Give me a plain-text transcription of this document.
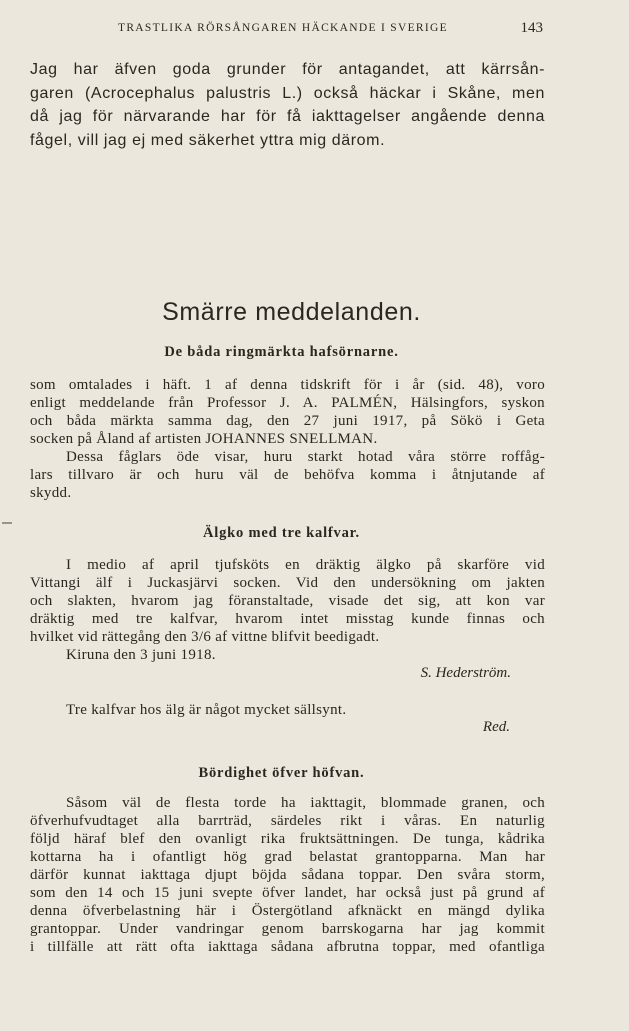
TRASTLIKA RÖRSÅNGAREN HÄCKANDE I SVERIGE	143
Jag har äfven goda grunder för antagandet, att kärrsån-
garen (Acrocephalus palustris L.) också häckar i Skåne, men
då jag för närvarande har för få iakttagelser angående denna
fågel, vill jag ej med säkerhet yttra mig därom.
Smärre meddelanden.
De båda ringmärkta hafsörnarne.
som omtalades i häft. 1 af denna tidskrift för i år (sid. 48), voro
enligt meddelande från Professor J. A. PALMÉN, Hälsingfors, syskon
och båda märkta samma dag, den 27 juni 1917, på Sökö i Geta
socken på Åland af artisten JOHANNES SNELLMAN.
Dessa fåglars öde visar, huru starkt hotad våra större roffåg-
lars tillvaro är och huru väl de behöfva komma i åtnjutande af
skydd.
Älgko med tre kalfvar.
I medio af april tjufsköts en dräktig älgko på skarföre vid
Vittangi älf i Juckasjärvi socken. Vid den undersökning om jakten
och slakten, hvarom jag föranstaltade, visade det sig, att kon var
dräktig med tre kalfvar, hvarom intet misstag kunde finnas och
hvilket vid rättegång den 3/6 af vittne blifvit beedigadt.
Kiruna den 3 juni 1918.
S. Hederström.
Tre kalfvar hos älg är något mycket sällsynt.
Red.
Bördighet öfver höfvan.
Såsom väl de flesta torde ha iakttagit, blommade granen, och
öfverhufvudtaget alla barrträd, särdeles rikt i våras. En naturlig
följd häraf blef den ovanligt rika fruktsättningen. De tunga, kådrika
kottarna ha i ofantligt hög grad belastat grantopparna. Man har
därför kunnat iakttaga djupt böjda sådana toppar. Den svåra storm,
som den 14 och 15 juni svepte öfver landet, har också just på grund af
denna öfverbelastning här i Östergötland afknäckt en mängd dylika
grantoppar. Under vandringar genom barrskogarna har jag kommit
i tillfälle att rätt ofta iakttaga sådana afbrutna toppar, med ofantliga
